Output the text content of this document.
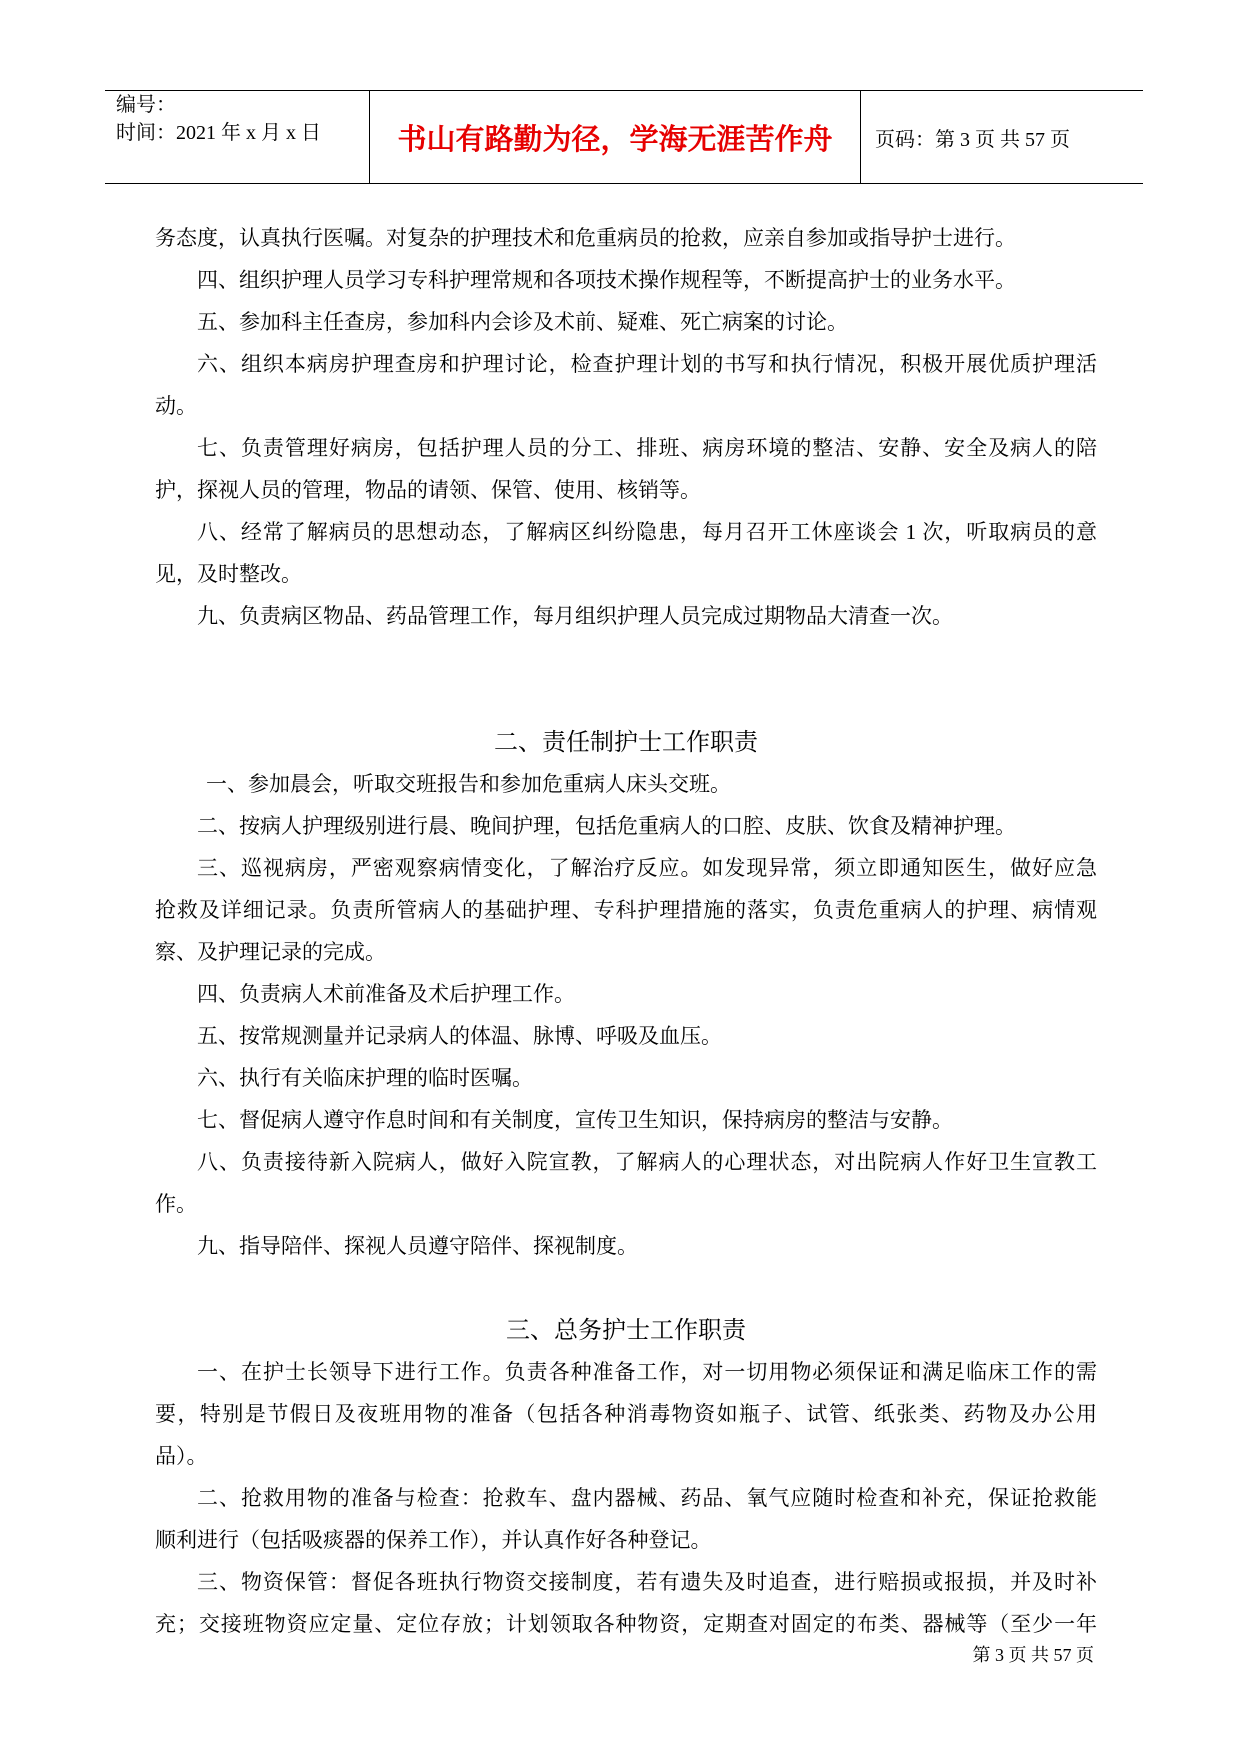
编号：
时间：2021 年 x 月 x 日	书山有路勤为径，学海无涯苦作舟	页码：第 3 页 共 57 页
务态度，认真执行医嘱。对复杂的护理技术和危重病员的抢救，应亲自参加或指导护士进行。
四、组织护理人员学习专科护理常规和各项技术操作规程等，不断提高护士的业务水平。
五、参加科主任查房，参加科内会诊及术前、疑难、死亡病案的讨论。
六、组织本病房护理查房和护理讨论，检查护理计划的书写和执行情况，积极开展优质护理活
动。
七、负责管理好病房，包括护理人员的分工、排班、病房环境的整洁、安静、安全及病人的陪
护，探视人员的管理，物品的请领、保管、使用、核销等。
八、经常了解病员的思想动态，了解病区纠纷隐患，每月召开工休座谈会 1 次，听取病员的意
见，及时整改。
九、负责病区物品、药品管理工作，每月组织护理人员完成过期物品大清查一次。
二、责任制护士工作职责
一、参加晨会，听取交班报告和参加危重病人床头交班。
二、按病人护理级别进行晨、晚间护理，包括危重病人的口腔、皮肤、饮食及精神护理。
三、巡视病房，严密观察病情变化，了解治疗反应。如发现异常，须立即通知医生，做好应急
抢救及详细记录。负责所管病人的基础护理、专科护理措施的落实，负责危重病人的护理、病情观
察、及护理记录的完成。
四、负责病人术前准备及术后护理工作。
五、按常规测量并记录病人的体温、脉博、呼吸及血压。
六、执行有关临床护理的临时医嘱。
七、督促病人遵守作息时间和有关制度，宣传卫生知识，保持病房的整洁与安静。
八、负责接待新入院病人，做好入院宣教，了解病人的心理状态，对出院病人作好卫生宣教工
作。
九、指导陪伴、探视人员遵守陪伴、探视制度。
三、总务护士工作职责
一、在护士长领导下进行工作。负责各种准备工作，对一切用物必须保证和满足临床工作的需
要，特别是节假日及夜班用物的准备（包括各种消毒物资如瓶子、试管、纸张类、药物及办公用
品）。
二、抢救用物的准备与检查：抢救车、盘内器械、药品、氧气应随时检查和补充，保证抢救能
顺利进行（包括吸痰器的保养工作），并认真作好各种登记。
三、物资保管：督促各班执行物资交接制度，若有遗失及时追查，进行赔损或报损，并及时补
充；交接班物资应定量、定位存放；计划领取各种物资，定期查对固定的布类、器械等（至少一年
第 3 页 共 57 页
